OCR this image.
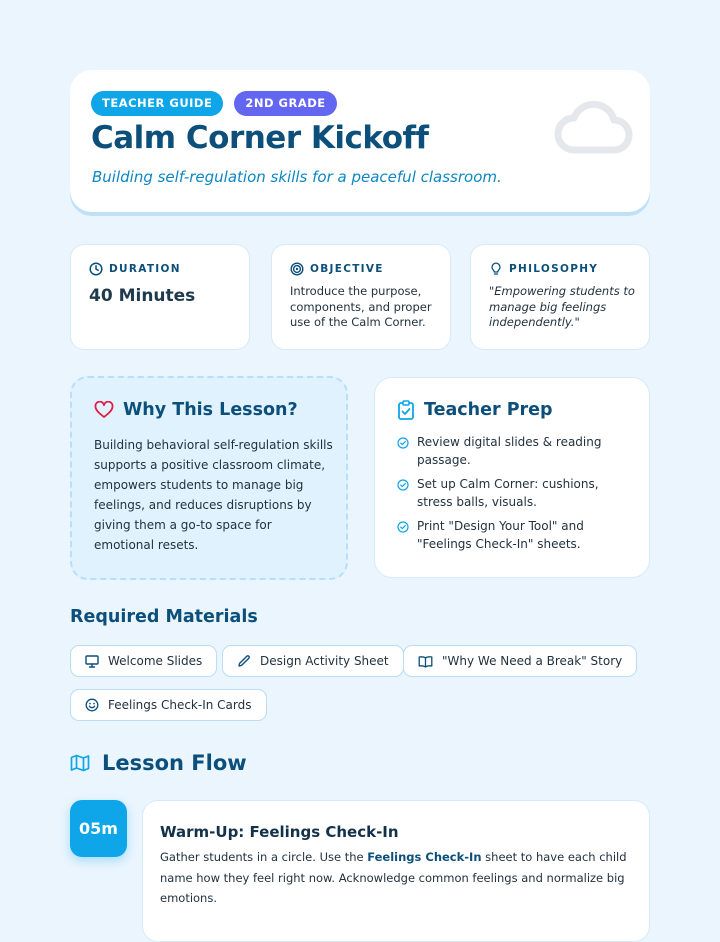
TEACHER GUIDE	2ND GRADE
Calm Corner Kickoff
Building self-regulation skills for a peaceful classroom.
DURATION
40 Minutes
OBJECTIVE
Introduce the purpose, components, and proper use of the Calm Corner.
PHILOSOPHY
"Empowering students to manage big feelings independently."
Why This Lesson?
Building behavioral self-regulation skills supports a positive classroom climate, empowers students to manage big feelings, and reduces disruptions by giving them a go-to space for emotional resets.
Teacher Prep
Review digital slides & reading passage.
Set up Calm Corner: cushions, stress balls, visuals.
Print "Design Your Tool" and "Feelings Check-In" sheets.
Required Materials
Welcome Slides	Design Activity Sheet	"Why We Need a Break" Story
Feelings Check-In Cards
Lesson Flow
05m	Warm-Up: Feelings Check-In
Gather students in a circle. Use the Feelings Check-In sheet to have each child name how they feel right now. Acknowledge common feelings and normalize big emotions.
